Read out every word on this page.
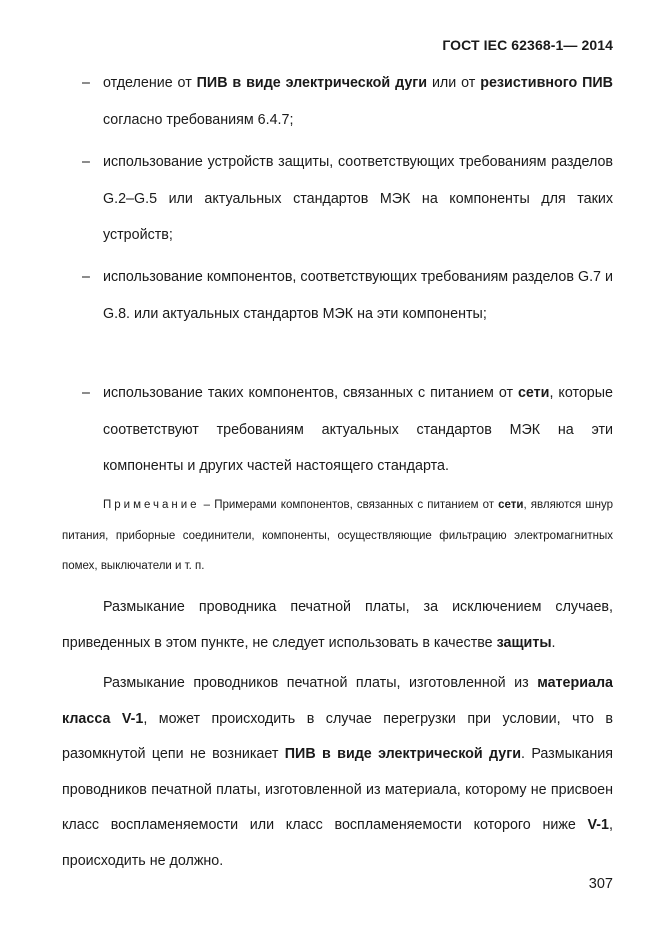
ГОСТ IEC 62368-1— 2014
– отделение от ПИВ в виде электрической дуги или от резистивного ПИВ согласно требованиям 6.4.7;
– использование устройств защиты, соответствующих требованиям разделов G.2–G.5 или актуальных стандартов МЭК на компоненты для таких устройств;
– использование компонентов, соответствующих требованиям разделов G.7 и G.8. или актуальных стандартов МЭК на эти компоненты;
– использование таких компонентов, связанных с питанием от сети, которые соответствуют требованиям актуальных стандартов МЭК на эти компоненты и других частей настоящего стандарта.
Примечание – Примерами компонентов, связанных с питанием от сети, являются шнур питания, приборные соединители, компоненты, осуществляющие фильтрацию электромагнитных помех, выключатели и т. п.
Размыкание проводника печатной платы, за исключением случаев, приведенных в этом пункте, не следует использовать в качестве защиты.
Размыкание проводников печатной платы, изготовленной из материала класса V-1, может происходить в случае перегрузки при условии, что в разомкнутой цепи не возникает ПИВ в виде электрической дуги. Размыкания проводников печатной платы, изготовленной из материала, которому не присвоен класс воспламеняемости или класс воспламеняемости которого ниже V-1, происходить не должно.
307
